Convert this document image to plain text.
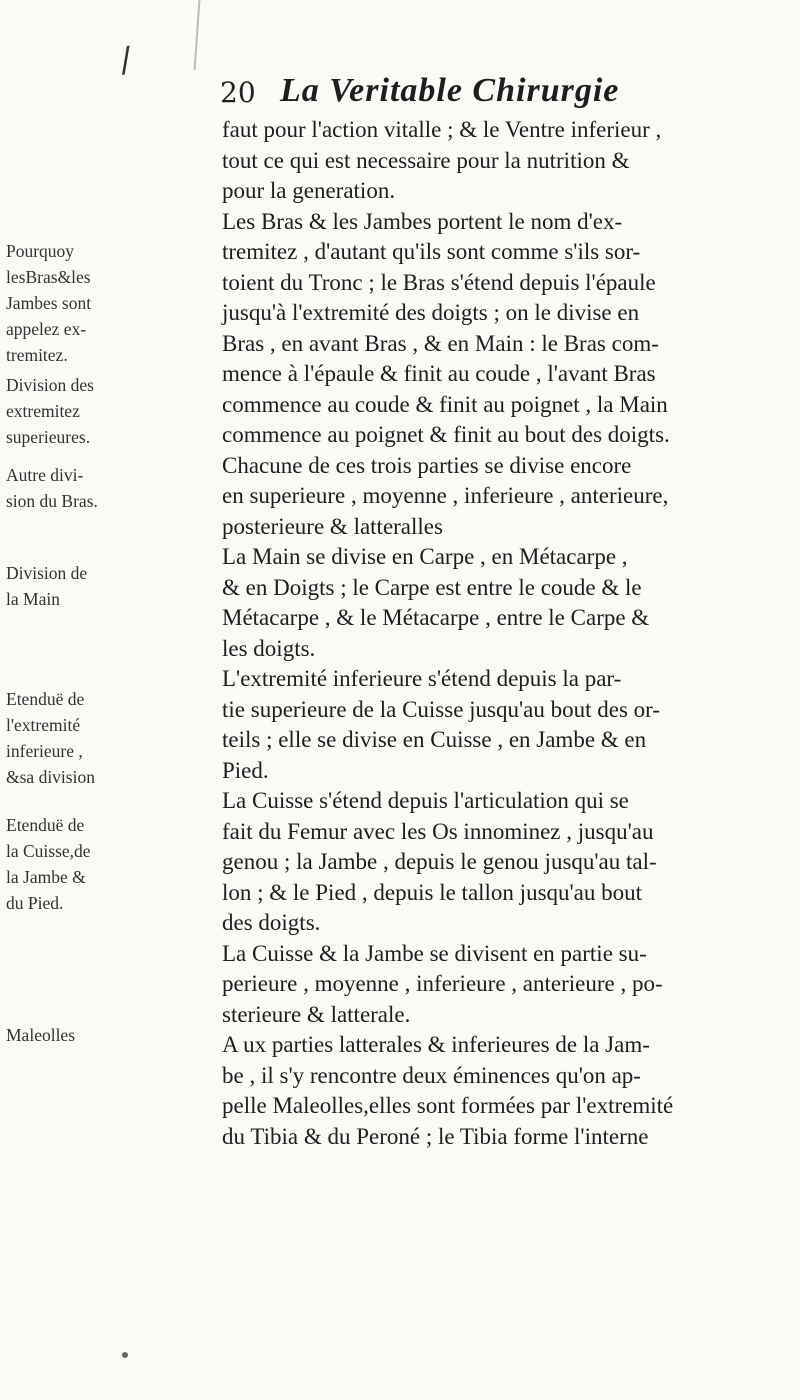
/
20 La Veritable Chirurgie
Pourquoy
lesBras&les
Jambes sont
appelez ex-
tremitez.
Division des
extremitez
superieures.
Autre divi-
sion du Bras.
Division de
la Main
Etenduë de
l'extremité
inferieure ,
&sa division
Etenduë de
la Cuisse,de
la Jambe &
du Pied.
Maleolles

faut pour l'action vitalle ; & le Ventre inferieur ,
tout ce qui est necessaire pour la nutrition &
pour la generation.

Les Bras & les Jambes portent le nom d'ex-
tremitez , d'autant qu'ils sont comme s'ils sor-
toient du Tronc ; le Bras s'étend depuis l'épaule
jusqu'à l'extremité des doigts ; on le divise en
Bras , en avant Bras , & en Main : le Bras com-
mence à l'épaule & finit au coude , l'avant Bras
commence au coude & finit au poignet , la Main
commence au poignet & finit au bout des doigts.

Chacune de ces trois parties se divise encore
en superieure , moyenne , inferieure , anterieure,
posterieure & latteralles

La Main se divise en Carpe , en Métacarpe ,
& en Doigts ; le Carpe est entre le coude & le
Métacarpe , & le Métacarpe , entre le Carpe &
les doigts.

L'extremité inferieure s'étend depuis la par-
tie superieure de la Cuisse jusqu'au bout des or-
teils ; elle se divise en Cuisse , en Jambe & en
Pied.

La Cuisse s'étend depuis l'articulation qui se
fait du Femur avec les Os innominez , jusqu'au
genou ; la Jambe , depuis le genou jusqu'au tal-
lon ; & le Pied , depuis le tallon jusqu'au bout
des doigts.

La Cuisse & la Jambe se divisent en partie su-
perieure , moyenne , inferieure , anterieure , po-
sterieure & latterale.

A ux parties latterales & inferieures de la Jam-
be , il s'y rencontre deux éminences qu'on ap-
pelle Maleolles,elles sont formées par l'extremité
du Tibia & du Peroné ; le Tibia forme l'interne
